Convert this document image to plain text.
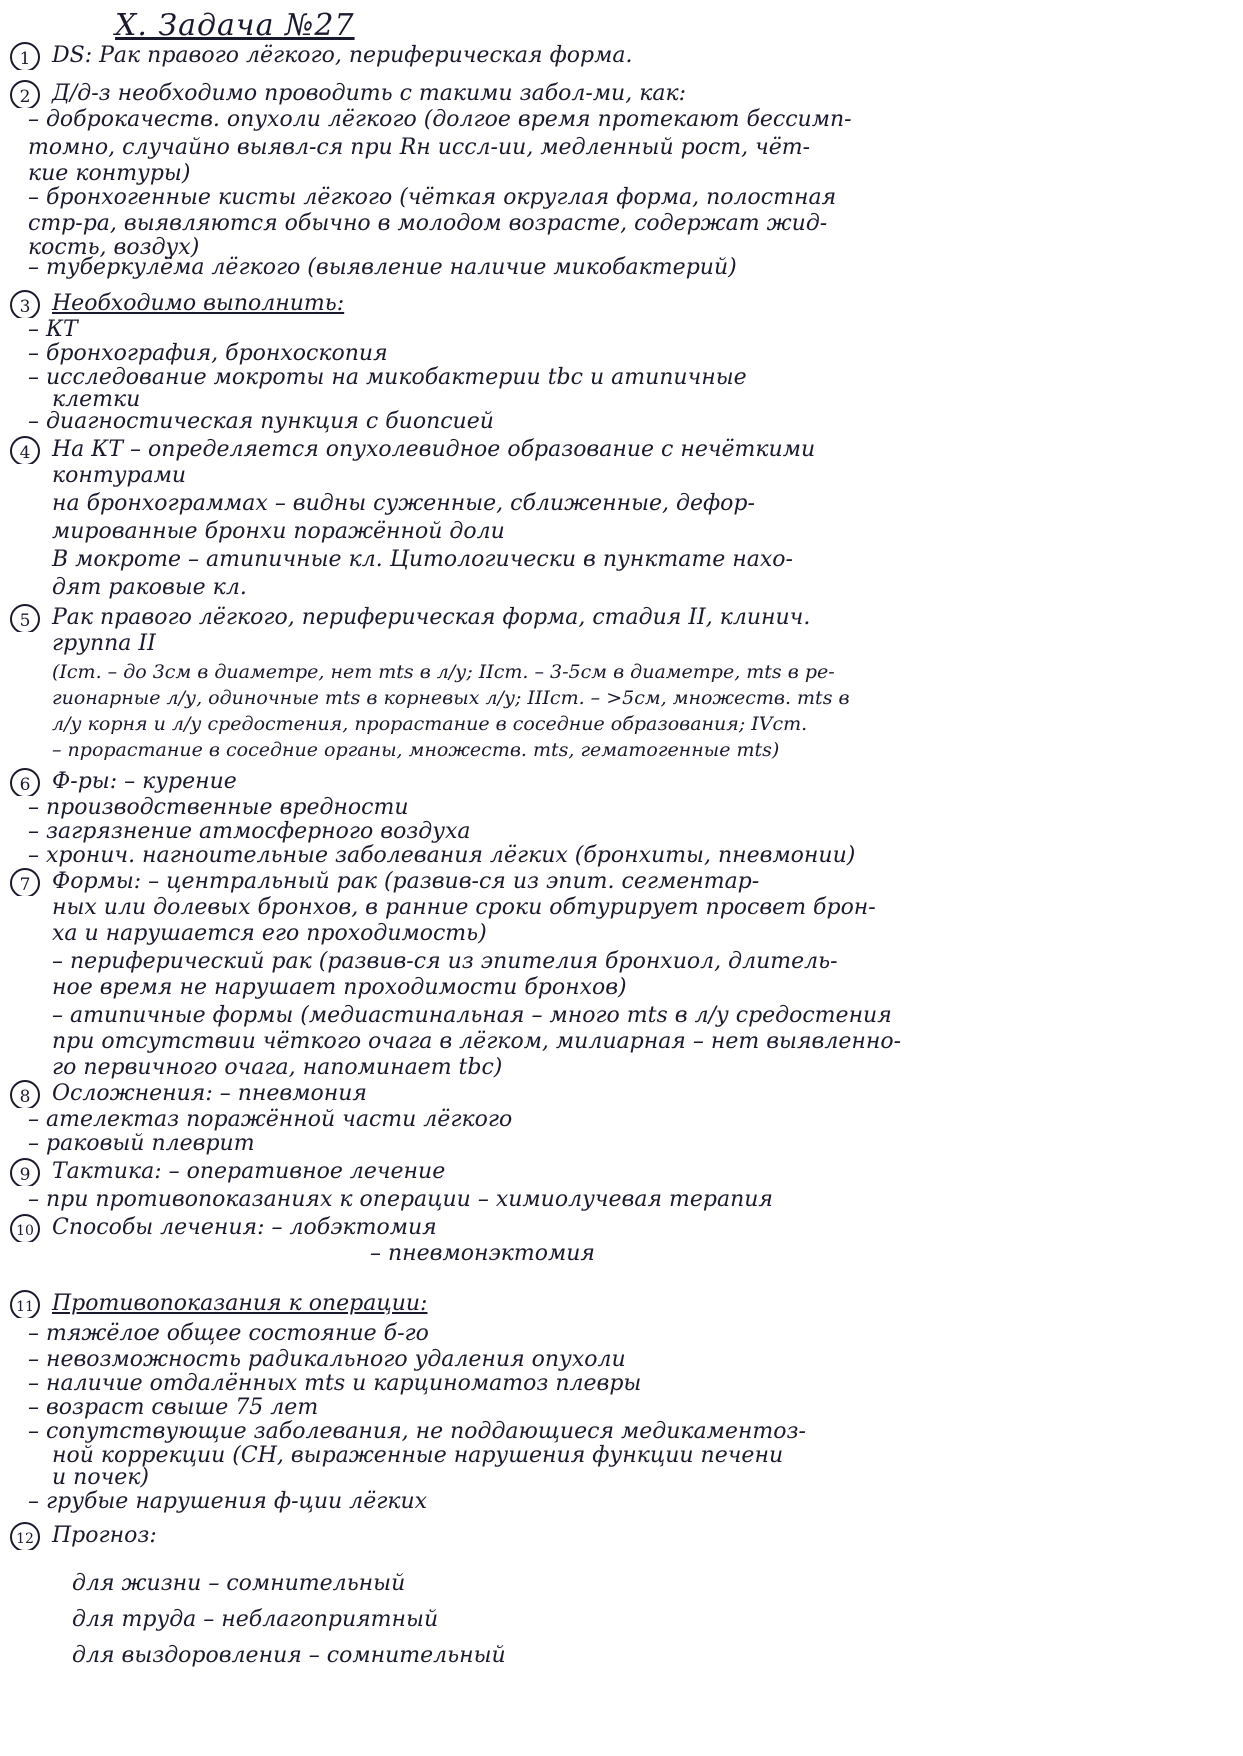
X. Задача №27
1 DS: Рак правого лёгкого, периферическая форма.
2 Д/д-з необходимо проводить с такими забол-ми, как:
– доброкачеств. опухоли лёгкого (долгое время протекают бессимп-
томно, случайно выявл-ся при Rн иссл-ии, медленный рост, чёт-
кие контуры)
– бронхогенные кисты лёгкого (чёткая округлая форма, полостная
стр-ра, выявляются обычно в молодом возрасте, содержат жид-
кость, воздух)
– туберкулёма лёгкого (выявление наличие микобактерий)
3 Необходимо выполнить:
– КТ
– бронхография, бронхоскопия
– исследование мокроты на микобактерии tbc и атипичные
клетки
– диагностическая пункция с биопсией
4 На КТ – определяется опухолевидное образование с нечёткими
контурами
на бронхограммах – видны суженные, сближенные, дефор-
мированные бронхи поражённой доли
В мокроте – атипичные кл. Цитологически в пунктате нахо-
дят раковые кл.
5 Рак правого лёгкого, периферическая форма, стадия II, клинич.
группа II
(Iст. – до 3см в диаметре, нет mts в л/у; IIст. – 3-5см в диаметре, mts в ре-
гионарные л/у, одиночные mts в корневых л/у; IIIст. – >5см, множеств. mts в
л/у корня и л/у средостения, прорастание в соседние образования; IVст.
– прорастание в соседние органы, множеств. mts, гематогенные mts)
6 Ф-ры: – курение
– производственные вредности
– загрязнение атмосферного воздуха
– хронич. нагноительные заболевания лёгких (бронхиты, пневмонии)
7 Формы: – центральный рак (развив-ся из эпит. сегментар-
ных или долевых бронхов, в ранние сроки обтурирует просвет брон-
ха и нарушается его проходимость)
– периферический рак (развив-ся из эпителия бронхиол, длитель-
ное время не нарушает проходимости бронхов)
– атипичные формы (медиастинальная – много mts в л/у средостения
при отсутствии чёткого очага в лёгком, милиарная – нет выявленно-
го первичного очага, напоминает tbc)
8 Осложнения: – пневмония
– ателектаз поражённой части лёгкого
– раковый плеврит
9 Тактика: – оперативное лечение
– при противопоказаниях к операции – химиолучевая терапия
10 Способы лечения: – лобэктомия
– пневмонэктомия
11 Противопоказания к операции:
– тяжёлое общее состояние б-го
– невозможность радикального удаления опухоли
– наличие отдалённых mts и карциноматоз плевры
– возраст свыше 75 лет
– сопутствующие заболевания, не поддающиеся медикаментоз-
ной коррекции (СН, выраженные нарушения функции печени
и почек)
– грубые нарушения ф-ции лёгких
12 Прогноз:
для жизни – сомнительный
для труда – неблагоприятный
для выздоровления – сомнительный
